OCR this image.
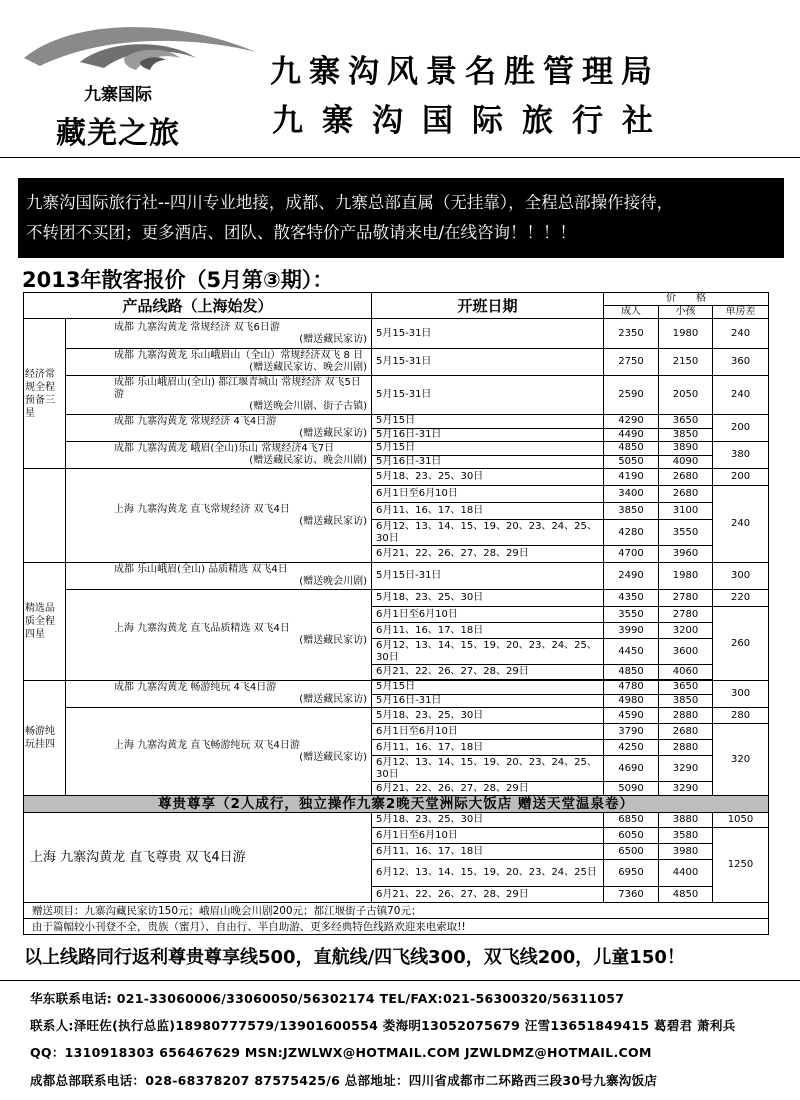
九寨国际
藏羌之旅
九寨沟风景名胜管理局
九寨沟国际旅行社
九寨沟国际旅行社--四川专业地接，成都、九寨总部直属（无挂靠），全程总部操作接待，
不转团不买团；更多酒店、团队、散客特价产品敬请来电/在线咨询！！！！
2013年散客报价（5月第③期）：
产品线路（上海始发）		开班日期	价　　格		
			成人	小孩	单房差
经济常规全程预备三星	成都 九寨沟黄龙 常规经济 双飞6日游
(赠送藏民家访)	5月15-31日	2350	1980	240
	成都 九寨沟黄龙 乐山峨眉山（全山）常规经济双飞 8 日
(赠送藏民家访、晚会川剧)	5月15-31日	2750	2150	360
	成都 乐山峨眉山(全山) 都江堰青城山 常规经济 双飞5日游
(赠送晚会川剧、街子古镇)	5月15-31日	2590	2050	240
	成都 九寨沟黄龙 常规经济 4飞4日游
(赠送藏民家访)	5月15日	4290	3650	200
		5月16日-31日	4490	3850	
	成都 九寨沟黄龙 峨眉(全山)乐山 常规经济4飞7日
(赠送藏民家访、晚会川剧)	5月15日	4850	3890	380
		5月16日-31日	5050	4090	
	上海 九寨沟黄龙 直飞常规经济 双飞4日
(赠送藏民家访)	5月18、23、25、30日	4190	2680	200
		6月1日至6月10日	3400	2680	240
		6月11、16、17、18日	3850	3100	
		6月12、13、14、15、19、20、23、24、25、30日	4280	3550	
		6月21、22、26、27、28、29日	4700	3960	
精选品质全程四星	成都 乐山峨眉(全山) 品质精选 双飞4日
(赠送晚会川剧)	5月15日-31日	2490	1980	300
	上海 九寨沟黄龙 直飞品质精选 双飞4日
(赠送藏民家访)	5月18、23、25、30日	4350	2780	220
		6月1日至6月10日	3550	2780	260
		6月11、16、17、18日	3990	3200	
		6月12、13、14、15、19、20、23、24、25、30日	4450	3600	
		6月21、22、26、27、28、29日	4850	4060	

畅游纯玩挂四	成都 九寨沟黄龙 畅游纯玩 4飞4日游
(赠送藏民家访)	5月15日	4780	3650	300
		5月16日-31日	4980	3850	
	上海 九寨沟黄龙 直飞畅游纯玩 双飞4日游
(赠送藏民家访)	5月18、23、25、30日	4590	2880	280
		6月1日至6月10日	3790	2680	320
		6月11、16、17、18日	4250	2880	
		6月12、13、14、15、19、20、23、24、25、30日	4690	3290	
		6月21、22、26、27、28、29日	5090	3290	
尊贵尊享（2人成行，独立操作九寨2晚天堂洲际大饭店 赠送天堂温泉卷）					
上海 九寨沟黄龙 直飞尊贵 双飞4日游		5月18、23、25、30日	6850	3880	1050
		6月1日至6月10日	6050	3580	1250
		6月11、16、17、18日	6500	3980	
		6月12、13、14、15、19、20、23、24、25日	6950	4400	
		6月21、22、26、27、28、29日	7360	4850	
赠送项目：九寨沟藏民家访150元；峨眉山晚会川剧200元；都江堰街子古镇70元；					
由于篇幅较小刊登不全，贵族（蜜月）、自由行、半自助游、更多经典特色线路欢迎来电索取!!					
以上线路同行返利尊贵尊享线500，直航线/四飞线300，双飞线200，儿童150！
华东联系电话: 021-33060006/33060050/56302174 TEL/FAX:021-56300320/56311057
联系人:泽旺佐(执行总监)18980777579/13901600554 娄海明13052075679 汪雪13651849415 葛碧君 萧利兵
QQ：1310918303 656467629 MSN:JZWLWX@HOTMAIL.COM JZWLDMZ@HOTMAIL.COM
成都总部联系电话：028-68378207 87575425/6 总部地址：四川省成都市二环路西三段30号九寨沟饭店
